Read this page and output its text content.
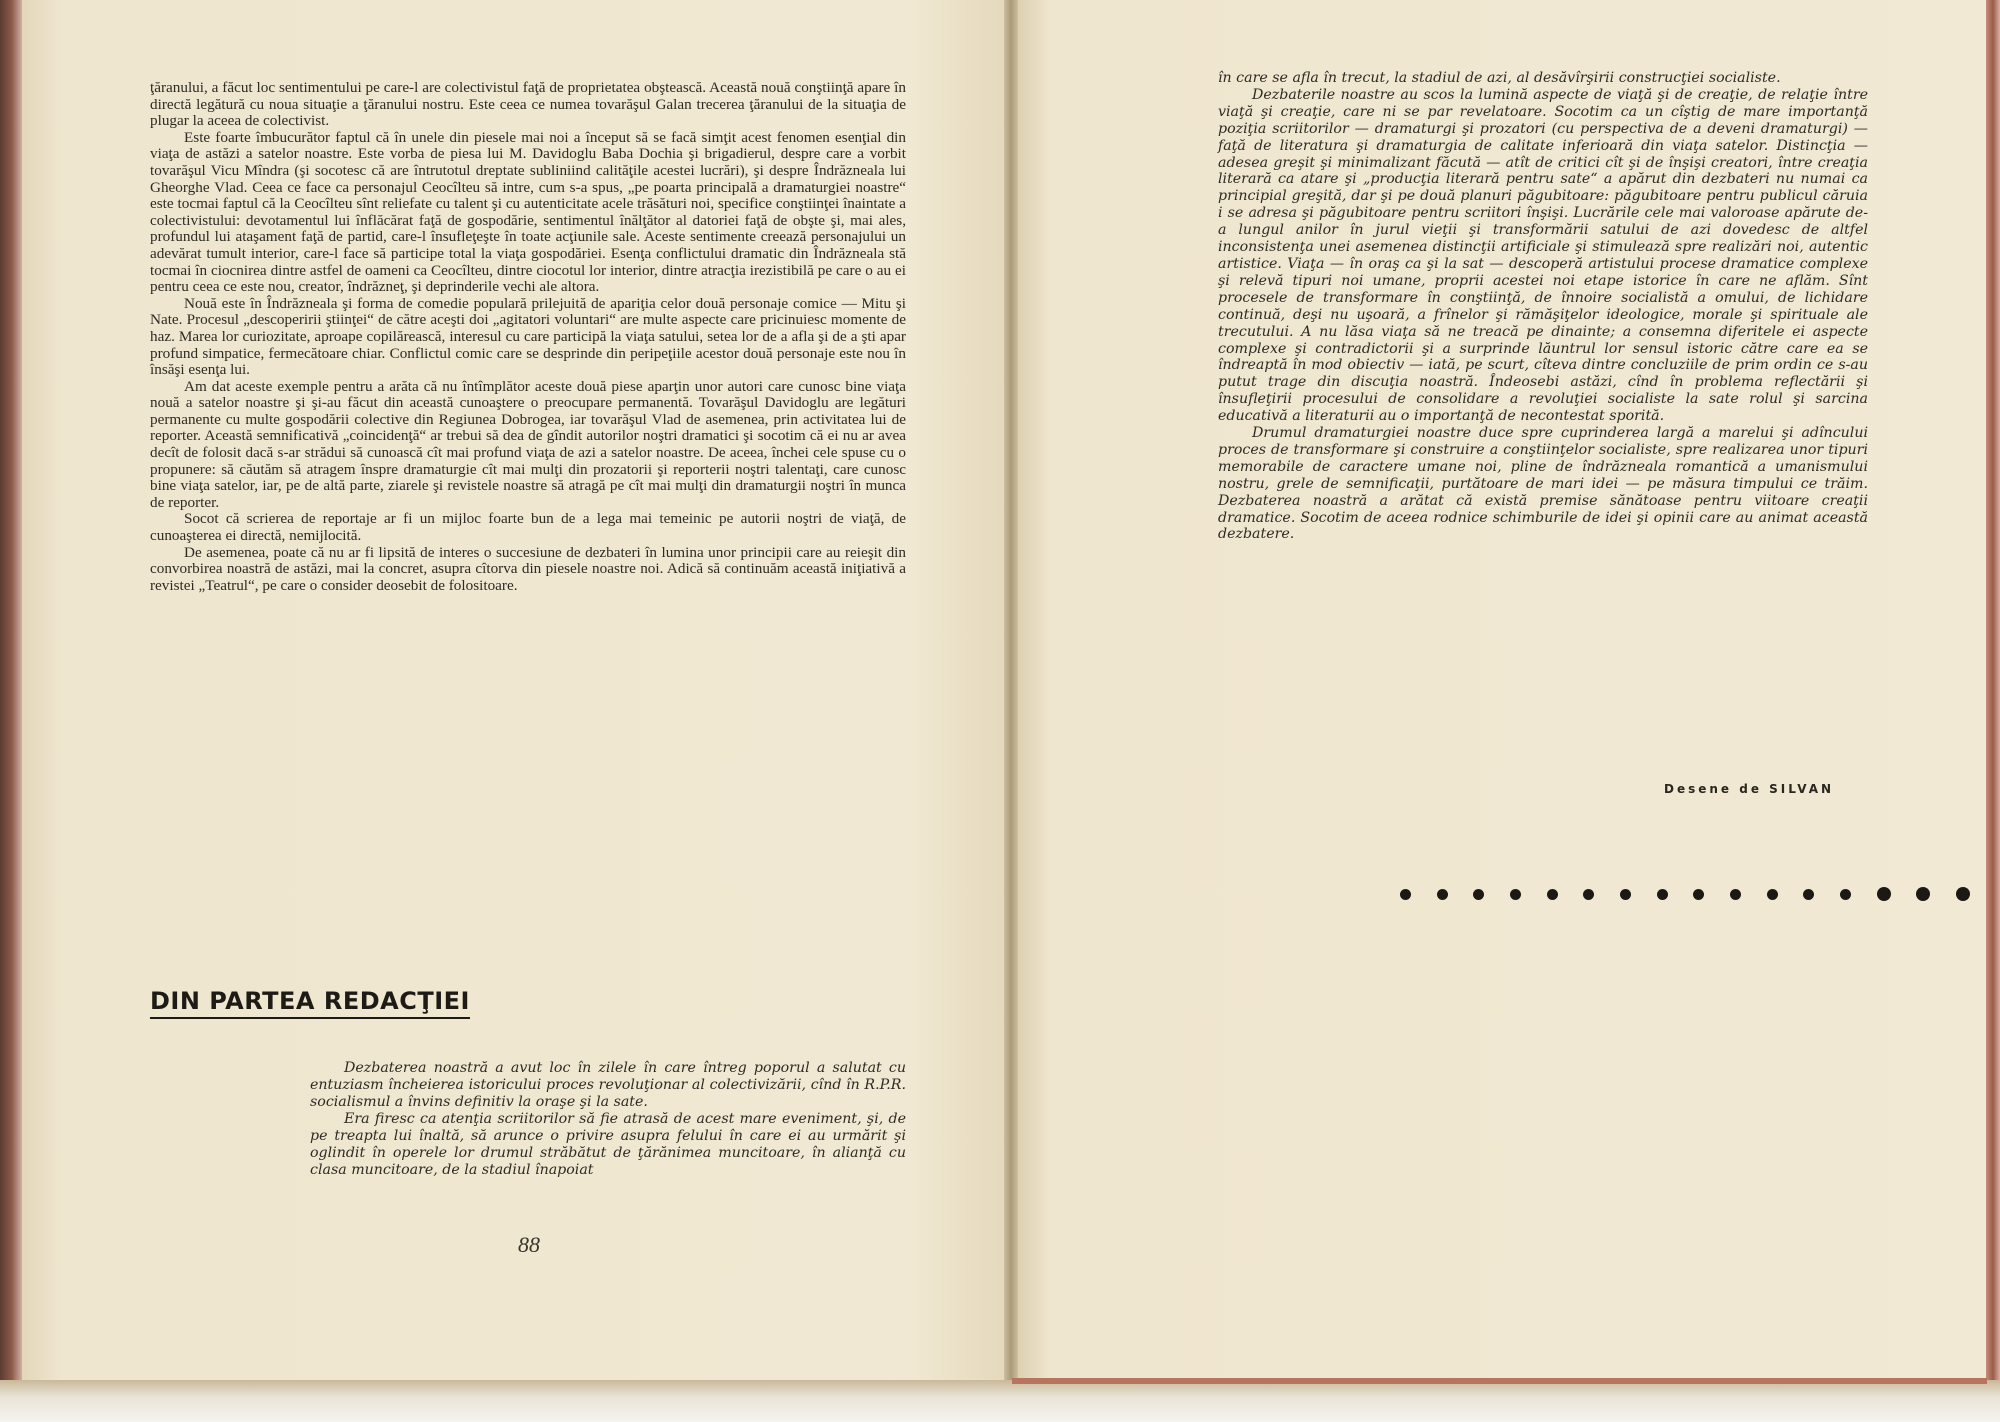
ţăranului, a făcut loc sentimentului pe care-l are colectivistul faţă de proprietatea obştească. Această nouă conştiinţă apare în directă legătură cu noua situaţie a ţăranului nostru. Este ceea ce numea tovarăşul Galan trecerea ţăranului de la situaţia de plugar la aceea de colectivist.

Este foarte îmbucurător faptul că în unele din piesele mai noi a început să se facă simţit acest fenomen esenţial din viaţa de astăzi a satelor noastre. Este vorba de piesa lui M. Davidoglu Baba Dochia şi brigadierul, despre care a vorbit tovarăşul Vicu Mîndra (şi socotesc că are întrutotul dreptate subliniind calităţile acestei lucrări), şi despre Îndrăzneala lui Gheorghe Vlad. Ceea ce face ca personajul Ceocîlteu să intre, cum s-a spus, „pe poarta principală a dramaturgiei noastre“ este tocmai faptul că la Ceocîlteu sînt reliefate cu talent şi cu autenticitate acele trăsături noi, specifice conştiinţei înaintate a colectivistului: devotamentul lui înflăcărat faţă de gospodărie, sentimentul înălţător al datoriei faţă de obşte şi, mai ales, profundul lui ataşament faţă de partid, care-l însufleţeşte în toate acţiunile sale. Aceste sentimente creează personajului un adevărat tumult interior, care-l face să participe total la viaţa gospodăriei. Esenţa conflictului dramatic din Îndrăzneala stă tocmai în ciocnirea dintre astfel de oameni ca Ceocîlteu, dintre ciocotul lor interior, dintre atracţia irezistibilă pe care o au ei pentru ceea ce este nou, creator, îndrăzneţ, şi deprinderile vechi ale altora.

Nouă este în Îndrăzneala şi forma de comedie populară prilejuită de apariţia celor două personaje comice — Mitu şi Nate. Procesul „descoperirii ştiinţei“ de către aceşti doi „agitatori voluntari“ are multe aspecte care pricinuiesc momente de haz. Marea lor curiozitate, aproape copilărească, interesul cu care participă la viaţa satului, setea lor de a afla şi de a şti apar profund simpatice, fermecătoare chiar. Conflictul comic care se desprinde din peripeţiile acestor două personaje este nou în însăşi esenţa lui.

Am dat aceste exemple pentru a arăta că nu întîmplător aceste două piese aparţin unor autori care cunosc bine viaţa nouă a satelor noastre şi şi-au făcut din această cunoaştere o preocupare permanentă. Tovarăşul Davidoglu are legături permanente cu multe gospodării colective din Regiunea Dobrogea, iar tovarăşul Vlad de asemenea, prin activitatea lui de reporter. Această semnificativă „coincidenţă“ ar trebui să dea de gîndit autorilor noştri dramatici şi socotim că ei nu ar avea decît de folosit dacă s-ar strădui să cunoască cît mai profund viaţa de azi a satelor noastre. De aceea, închei cele spuse cu o propunere: să căutăm să atragem înspre dramaturgie cît mai mulţi din prozatorii şi reporterii noştri talentaţi, care cunosc bine viaţa satelor, iar, pe de altă parte, ziarele şi revistele noastre să atragă pe cît mai mulţi din dramaturgii noştri în munca de reporter.

Socot că scrierea de reportaje ar fi un mijloc foarte bun de a lega mai temeinic pe autorii noştri de viaţă, de cunoaşterea ei directă, nemijlocită.

De asemenea, poate că nu ar fi lipsită de interes o succesiune de dezbateri în lumina unor principii care au reieşit din convorbirea noastră de astăzi, mai la concret, asupra cîtorva din piesele noastre noi. Adică să continuăm această iniţiativă a revistei „Teatrul“, pe care o consider deosebit de folositoare.

DIN PARTEA REDACŢIEI

Dezbaterea noastră a avut loc în zilele în care întreg poporul a salutat cu entuziasm încheierea istoricului proces revoluţionar al colectivizării, cînd în R.P.R. socialismul a învins definitiv la oraşe şi la sate.

Era firesc ca atenţia scriitorilor să fie atrasă de acest mare eveniment, şi, de pe treapta lui înaltă, să arunce o privire asupra felului în care ei au urmărit şi oglindit în operele lor drumul străbătut de ţărănimea muncitoare, în alianţă cu clasa muncitoare, de la stadiul înapoiat

88

în care se afla în trecut, la stadiul de azi, al desăvîrşirii construcţiei socialiste.

Dezbaterile noastre au scos la lumină aspecte de viaţă şi de creaţie, de relaţie între viaţă şi creaţie, care ni se par revelatoare. Socotim ca un cîştig de mare importanţă poziţia scriitorilor — dramaturgi şi prozatori (cu perspectiva de a deveni dramaturgi) — faţă de literatura şi dramaturgia de calitate inferioară din viaţa satelor. Distincţia — adesea greşit şi minimalizant făcută — atît de critici cît şi de înşişi creatori, între creaţia literară ca atare şi „producţia literară pentru sate“ a apărut din dezbateri nu numai ca principial greşită, dar şi pe două planuri păgubitoare: păgubitoare pentru publicul căruia i se adresa şi păgubitoare pentru scriitori înşişi. Lucrările cele mai valoroase apărute de-a lungul anilor în jurul vieţii şi transformării satului de azi dovedesc de altfel inconsistenţa unei asemenea distincţii artificiale şi stimulează spre realizări noi, autentic artistice. Viaţa — în oraş ca şi la sat — descoperă artistului procese dramatice complexe şi relevă tipuri noi umane, proprii acestei noi etape istorice în care ne aflăm. Sînt procesele de transformare în conştiinţă, de înnoire socialistă a omului, de lichidare continuă, deşi nu uşoară, a frînelor şi rămăşiţelor ideologice, morale şi spirituale ale trecutului. A nu lăsa viaţa să ne treacă pe dinainte; a consemna diferitele ei aspecte complexe şi contradictorii şi a surprinde lăuntrul lor sensul istoric către care ea se îndreaptă în mod obiectiv — iată, pe scurt, cîteva dintre concluziile de prim ordin ce s-au putut trage din discuţia noastră. Îndeosebi astăzi, cînd în problema reflectării şi însufleţirii procesului de consolidare a revoluţiei socialiste la sate rolul şi sarcina educativă a literaturii au o importanţă de necontestat sporită.

Drumul dramaturgiei noastre duce spre cuprinderea largă a marelui şi adîncului proces de transformare şi construire a conştiinţelor socialiste, spre realizarea unor tipuri memorabile de caractere umane noi, pline de îndrăzneala romantică a umanismului nostru, grele de semnificaţii, purtătoare de mari idei — pe măsura timpului ce trăim. Dezbaterea noastră a arătat că există premise sănătoase pentru viitoare creaţii dramatice. Socotim de aceea rodnice schimburile de idei şi opinii care au animat această dezbatere.

Desene de SILVAN
